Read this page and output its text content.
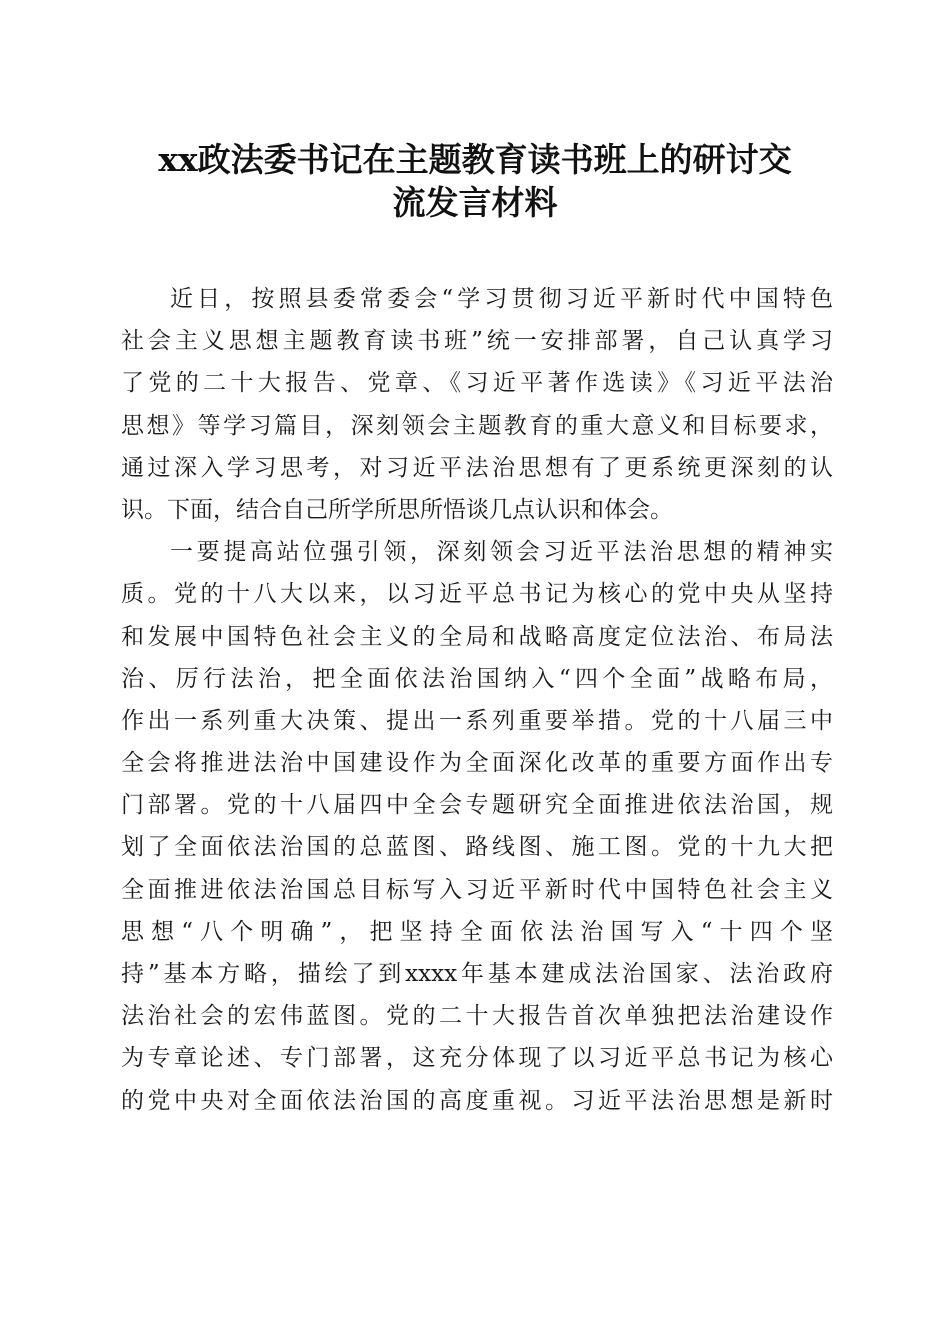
xx政法委书记在主题教育读书班上的研讨交
流发言材料
近日，按照县委常委会“学习贯彻习近平新时代中国特色
社会主义思想主题教育读书班”统一安排部署，自己认真学习
了党的二十大报告、党章、《习近平著作选读》《习近平法治
思想》等学习篇目，深刻领会主题教育的重大意义和目标要求，
通过深入学习思考，对习近平法治思想有了更系统更深刻的认
识。下面，结合自己所学所思所悟谈几点认识和体会。
一要提高站位强引领，深刻领会习近平法治思想的精神实
质。党的十八大以来，以习近平总书记为核心的党中央从坚持
和发展中国特色社会主义的全局和战略高度定位法治、布局法
治、厉行法治，把全面依法治国纳入“四个全面”战略布局，
作出一系列重大决策、提出一系列重要举措。党的十八届三中
全会将推进法治中国建设作为全面深化改革的重要方面作出专
门部署。党的十八届四中全会专题研究全面推进依法治国，规
划了全面依法治国的总蓝图、路线图、施工图。党的十九大把
全面推进依法治国总目标写入习近平新时代中国特色社会主义
思想“八个明确”，把坚持全面依法治国写入“十四个坚
持”基本方略，描绘了到xxxx年基本建成法治国家、法治政府
法治社会的宏伟蓝图。党的二十大报告首次单独把法治建设作
为专章论述、专门部署，这充分体现了以习近平总书记为核心
的党中央对全面依法治国的高度重视。习近平法治思想是新时
